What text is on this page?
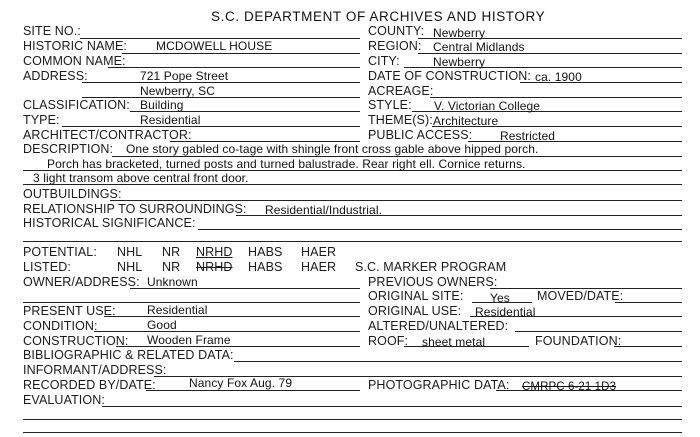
S.C. DEPARTMENT OF ARCHIVES AND HISTORY
SITE NO.:
HISTORIC NAME: MCDOWELL HOUSE
COMMON NAME:
ADDRESS:	721 Pope Street
Newberry, SC
CLASSIFICATION: Building
TYPE:	Residential
ARCHITECT/CONTRACTOR:
COUNTY: Newberry
REGION: Central Midlands
CITY:	Newberry
DATE OF CONSTRUCTION: ca. 1900
ACREAGE:
STYLE: V. Victorian College
THEME(S): Architecture
PUBLIC ACCESS: Restricted
DESCRIPTION: One story gabled co-tage with shingle front cross gable above hipped porch.
Porch has bracketed, turned posts and turned balustrade. Rear right ell. Cornice returns.
3 light transom above central front door.
OUTBUILDINGS:
RELATIONSHIP TO SURROUNDINGS: Residential/Industrial.
HISTORICAL SIGNIFICANCE:
POTENTIAL: NHL NR NRHD HABS HAER
LISTED:	NHL NR NRHD HABS HAER S.C. MARKER PROGRAM
OWNER/ADDRESS: Unknown	PREVIOUS OWNERS:
ORIGINAL SITE: Yes MOVED/DATE:
PRESENT USE:	Residential	ORIGINAL USE: Residential
CONDITION:	Good	ALTERED/UNALTERED:
CONSTRUCTION: Wooden Frame	ROOF: sheet metal	FOUNDATION:
BIBLIOGRAPHIC & RELATED DATA:
INFORMANT/ADDRESS:
RECORDED BY/DATE:	Nancy Fox Aug. 79	PHOTOGRAPHIC DATA: CMRPC 6-21 1D3
EVALUATION:
